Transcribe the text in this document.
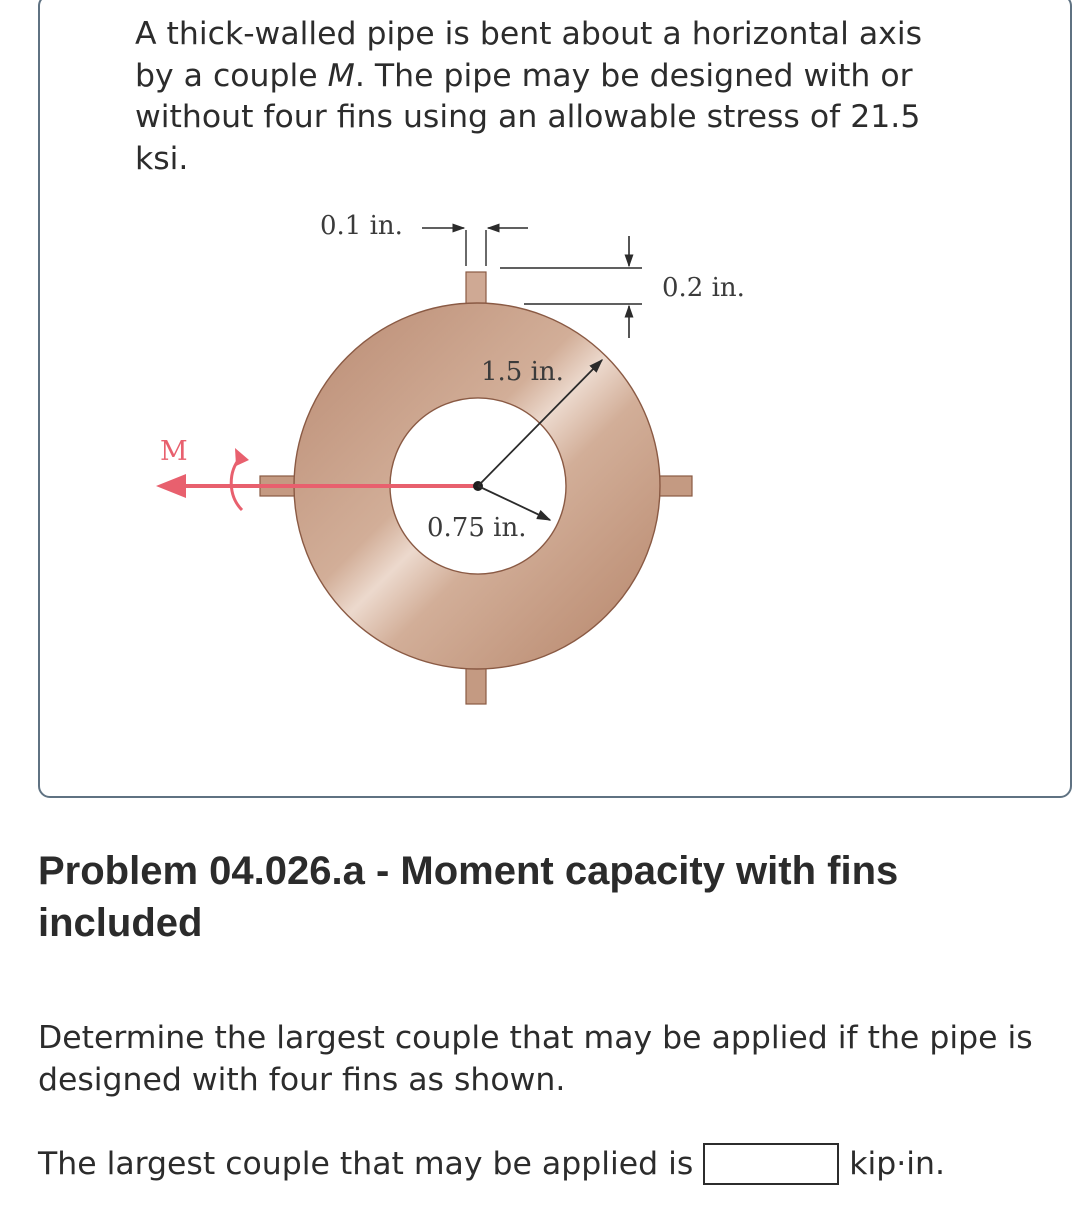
A thick-walled pipe is bent about a horizontal axis by a couple M. The pipe may be designed with or without four fins using an allowable stress of 21.5 ksi.

M
1.5 in.
0.75 in.
0.1 in.
0.2 in.
Problem 04.026.a - Moment capacity with fins included

Determine the largest couple that may be applied if the pipe is designed with four fins as shown.

The largest couple that may be applied is	kip·in.
